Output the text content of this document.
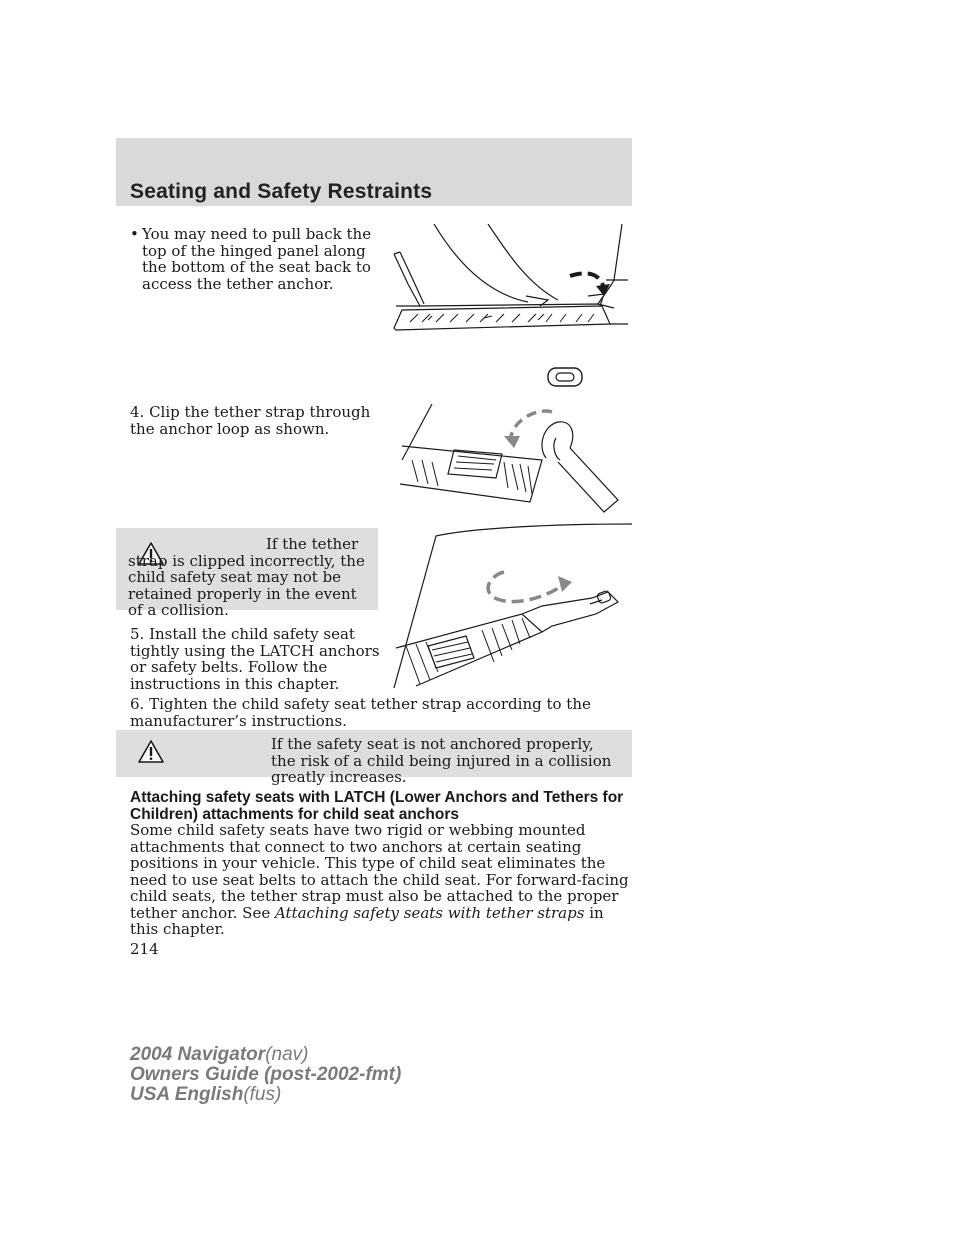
Seating and Safety Restraints
• You may need to pull back the top of the hinged panel along the bottom of the seat back to access the tether anchor.
4. Clip the tether strap through the anchor loop as shown.
If the tether strap is clipped incorrectly, the child safety seat may not be retained properly in the event of a collision.
5. Install the child safety seat tightly using the LATCH anchors or safety belts. Follow the instructions in this chapter.
6. Tighten the child safety seat tether strap according to the manufacturer’s instructions.
If the safety seat is not anchored properly, the risk of a child being injured in a collision greatly increases.
Attaching safety seats with LATCH (Lower Anchors and Tethers for Children) attachments for child seat anchors
Some child safety seats have two rigid or webbing mounted attachments that connect to two anchors at certain seating positions in your vehicle. This type of child seat eliminates the need to use seat belts to attach the child seat. For forward-facing child seats, the tether strap must also be attached to the proper tether anchor. See Attaching safety seats with tether straps in this chapter.
214
2004 Navigator(nav)
Owners Guide (post-2002-fmt)
USA English(fus)
